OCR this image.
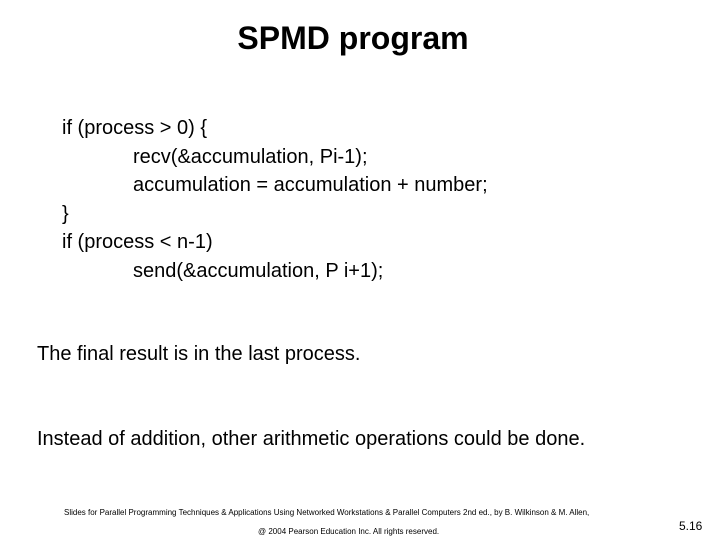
SPMD program
if (process > 0) {
recv(&accumulation, Pi-1);
accumulation = accumulation + number;
}
if (process < n-1)
send(&accumulation, P i+1);
The final result is in the last process.
Instead of addition, other arithmetic operations could be done.
Slides for Parallel Programming Techniques & Applications Using Networked Workstations & Parallel Computers 2nd ed., by B. Wilkinson & M. Allen,
@ 2004 Pearson Education Inc. All rights reserved.	5.16
